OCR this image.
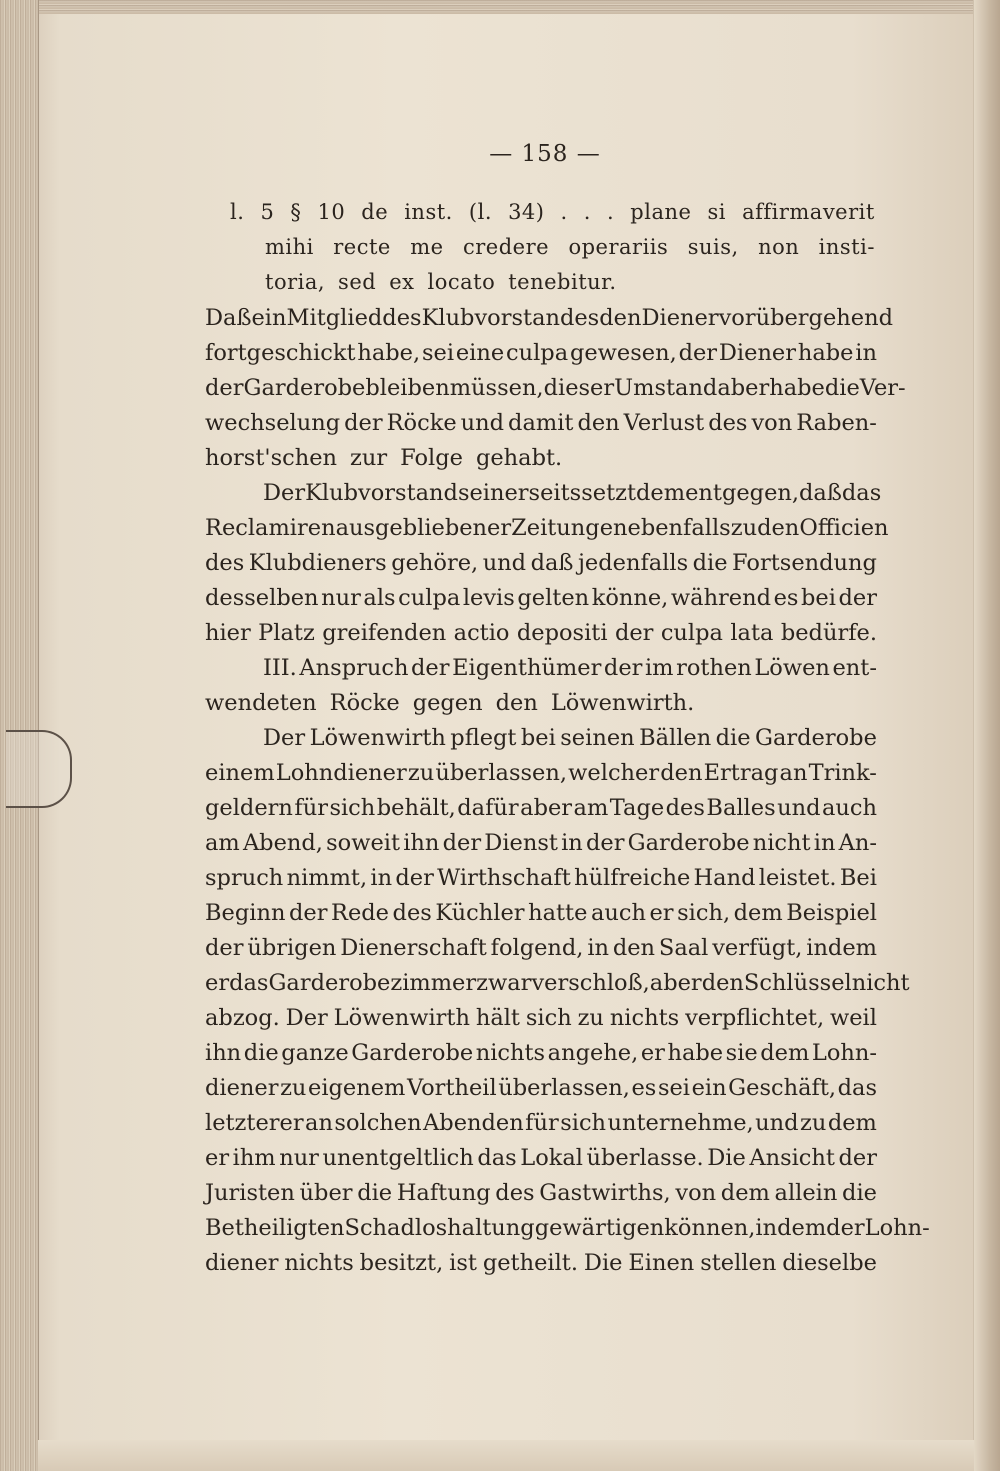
— 158 —
l. 5 § 10 de inst. (l. 34) . . . plane si affirmaverit
mihi recte me credere operariis suis, non insti-
toria, sed ex locato tenebitur.
Daß ein Mitglied des Klubvorstandes den Diener vorübergehend
fortgeschickt habe, sei eine culpa gewesen, der Diener habe in
der Garderobe bleiben müssen, dieser Umstand aber habe die Ver-
wechselung der Röcke und damit den Verlust des von Raben-
horst'schen zur Folge gehabt.
Der Klubvorstand seinerseits setzt dem entgegen, daß das
Reclamiren ausgebliebener Zeitungen ebenfalls zu den Officien
des Klubdieners gehöre, und daß jedenfalls die Fortsendung
desselben nur als culpa levis gelten könne, während es bei der
hier Platz greifenden actio depositi der culpa lata bedürfe.
III. Anspruch der Eigenthümer der im rothen Löwen ent-
wendeten Röcke gegen den Löwenwirth.
Der Löwenwirth pflegt bei seinen Bällen die Garderobe
einem Lohndiener zu überlassen, welcher den Ertrag an Trink-
geldern für sich behält, dafür aber am Tage des Balles und auch
am Abend, soweit ihn der Dienst in der Garderobe nicht in An-
spruch nimmt, in der Wirthschaft hülfreiche Hand leistet. Bei
Beginn der Rede des Küchler hatte auch er sich, dem Beispiel
der übrigen Dienerschaft folgend, in den Saal verfügt, indem
er das Garderobezimmer zwar verschloß, aber den Schlüssel nicht
abzog. Der Löwenwirth hält sich zu nichts verpflichtet, weil
ihn die ganze Garderobe nichts angehe, er habe sie dem Lohn-
diener zu eigenem Vortheil überlassen, es sei ein Geschäft, das
letzterer an solchen Abenden für sich unternehme, und zu dem
er ihm nur unentgeltlich das Lokal überlasse. Die Ansicht der
Juristen über die Haftung des Gastwirths, von dem allein die
Betheiligten Schadloshaltung gewärtigen können, indem der Lohn-
diener nichts besitzt, ist getheilt. Die Einen stellen dieselbe
